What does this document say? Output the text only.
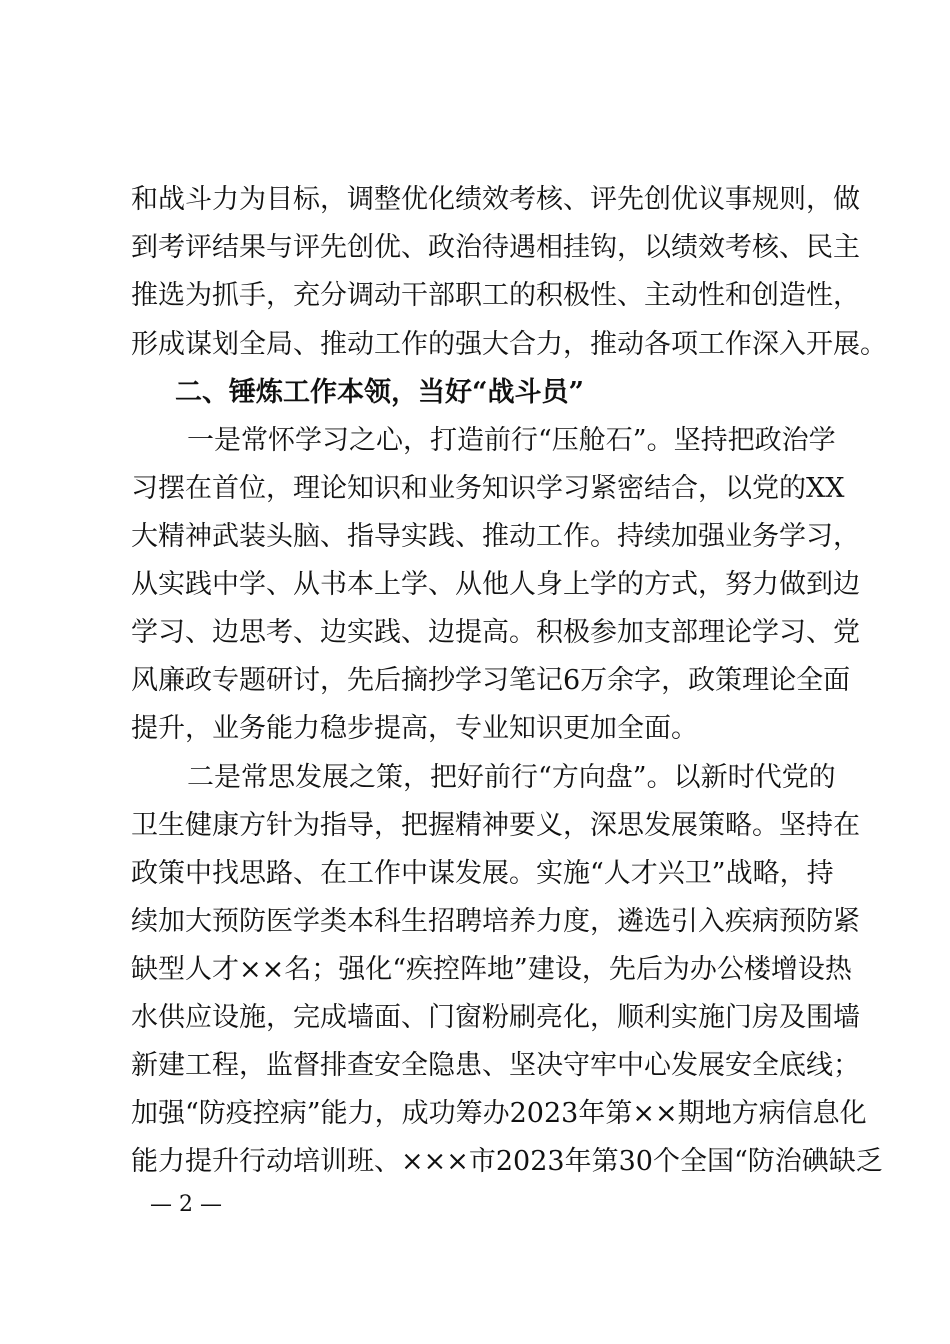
和战斗力为目标，调整优化绩效考核、评先创优议事规则，做
到考评结果与评先创优、政治待遇相挂钩，以绩效考核、民主
推选为抓手，充分调动干部职工的积极性、主动性和创造性，
形成谋划全局、推动工作的强大合力，推动各项工作深入开展。
二、锤炼工作本领，当好“战斗员”
一是常怀学习之心，打造前行“压舱石”。坚持把政治学
习摆在首位，理论知识和业务知识学习紧密结合，以党的XX
大精神武装头脑、指导实践、推动工作。持续加强业务学习，
从实践中学、从书本上学、从他人身上学的方式，努力做到边
学习、边思考、边实践、边提高。积极参加支部理论学习、党
风廉政专题研讨，先后摘抄学习笔记6万余字，政策理论全面
提升，业务能力稳步提高，专业知识更加全面。
二是常思发展之策，把好前行“方向盘”。以新时代党的
卫生健康方针为指导，把握精神要义，深思发展策略。坚持在
政策中找思路、在工作中谋发展。实施“人才兴卫”战略，持
续加大预防医学类本科生招聘培养力度，遴选引入疾病预防紧
缺型人才××名；强化“疾控阵地”建设，先后为办公楼增设热
水供应设施，完成墙面、门窗粉刷亮化，顺利实施门房及围墙
新建工程，监督排查安全隐患、坚决守牢中心发展安全底线；
加强“防疫控病”能力，成功筹办2023年第××期地方病信息化
能力提升行动培训班、×××市2023年第30个全国“防治碘缺乏
— 2 —
